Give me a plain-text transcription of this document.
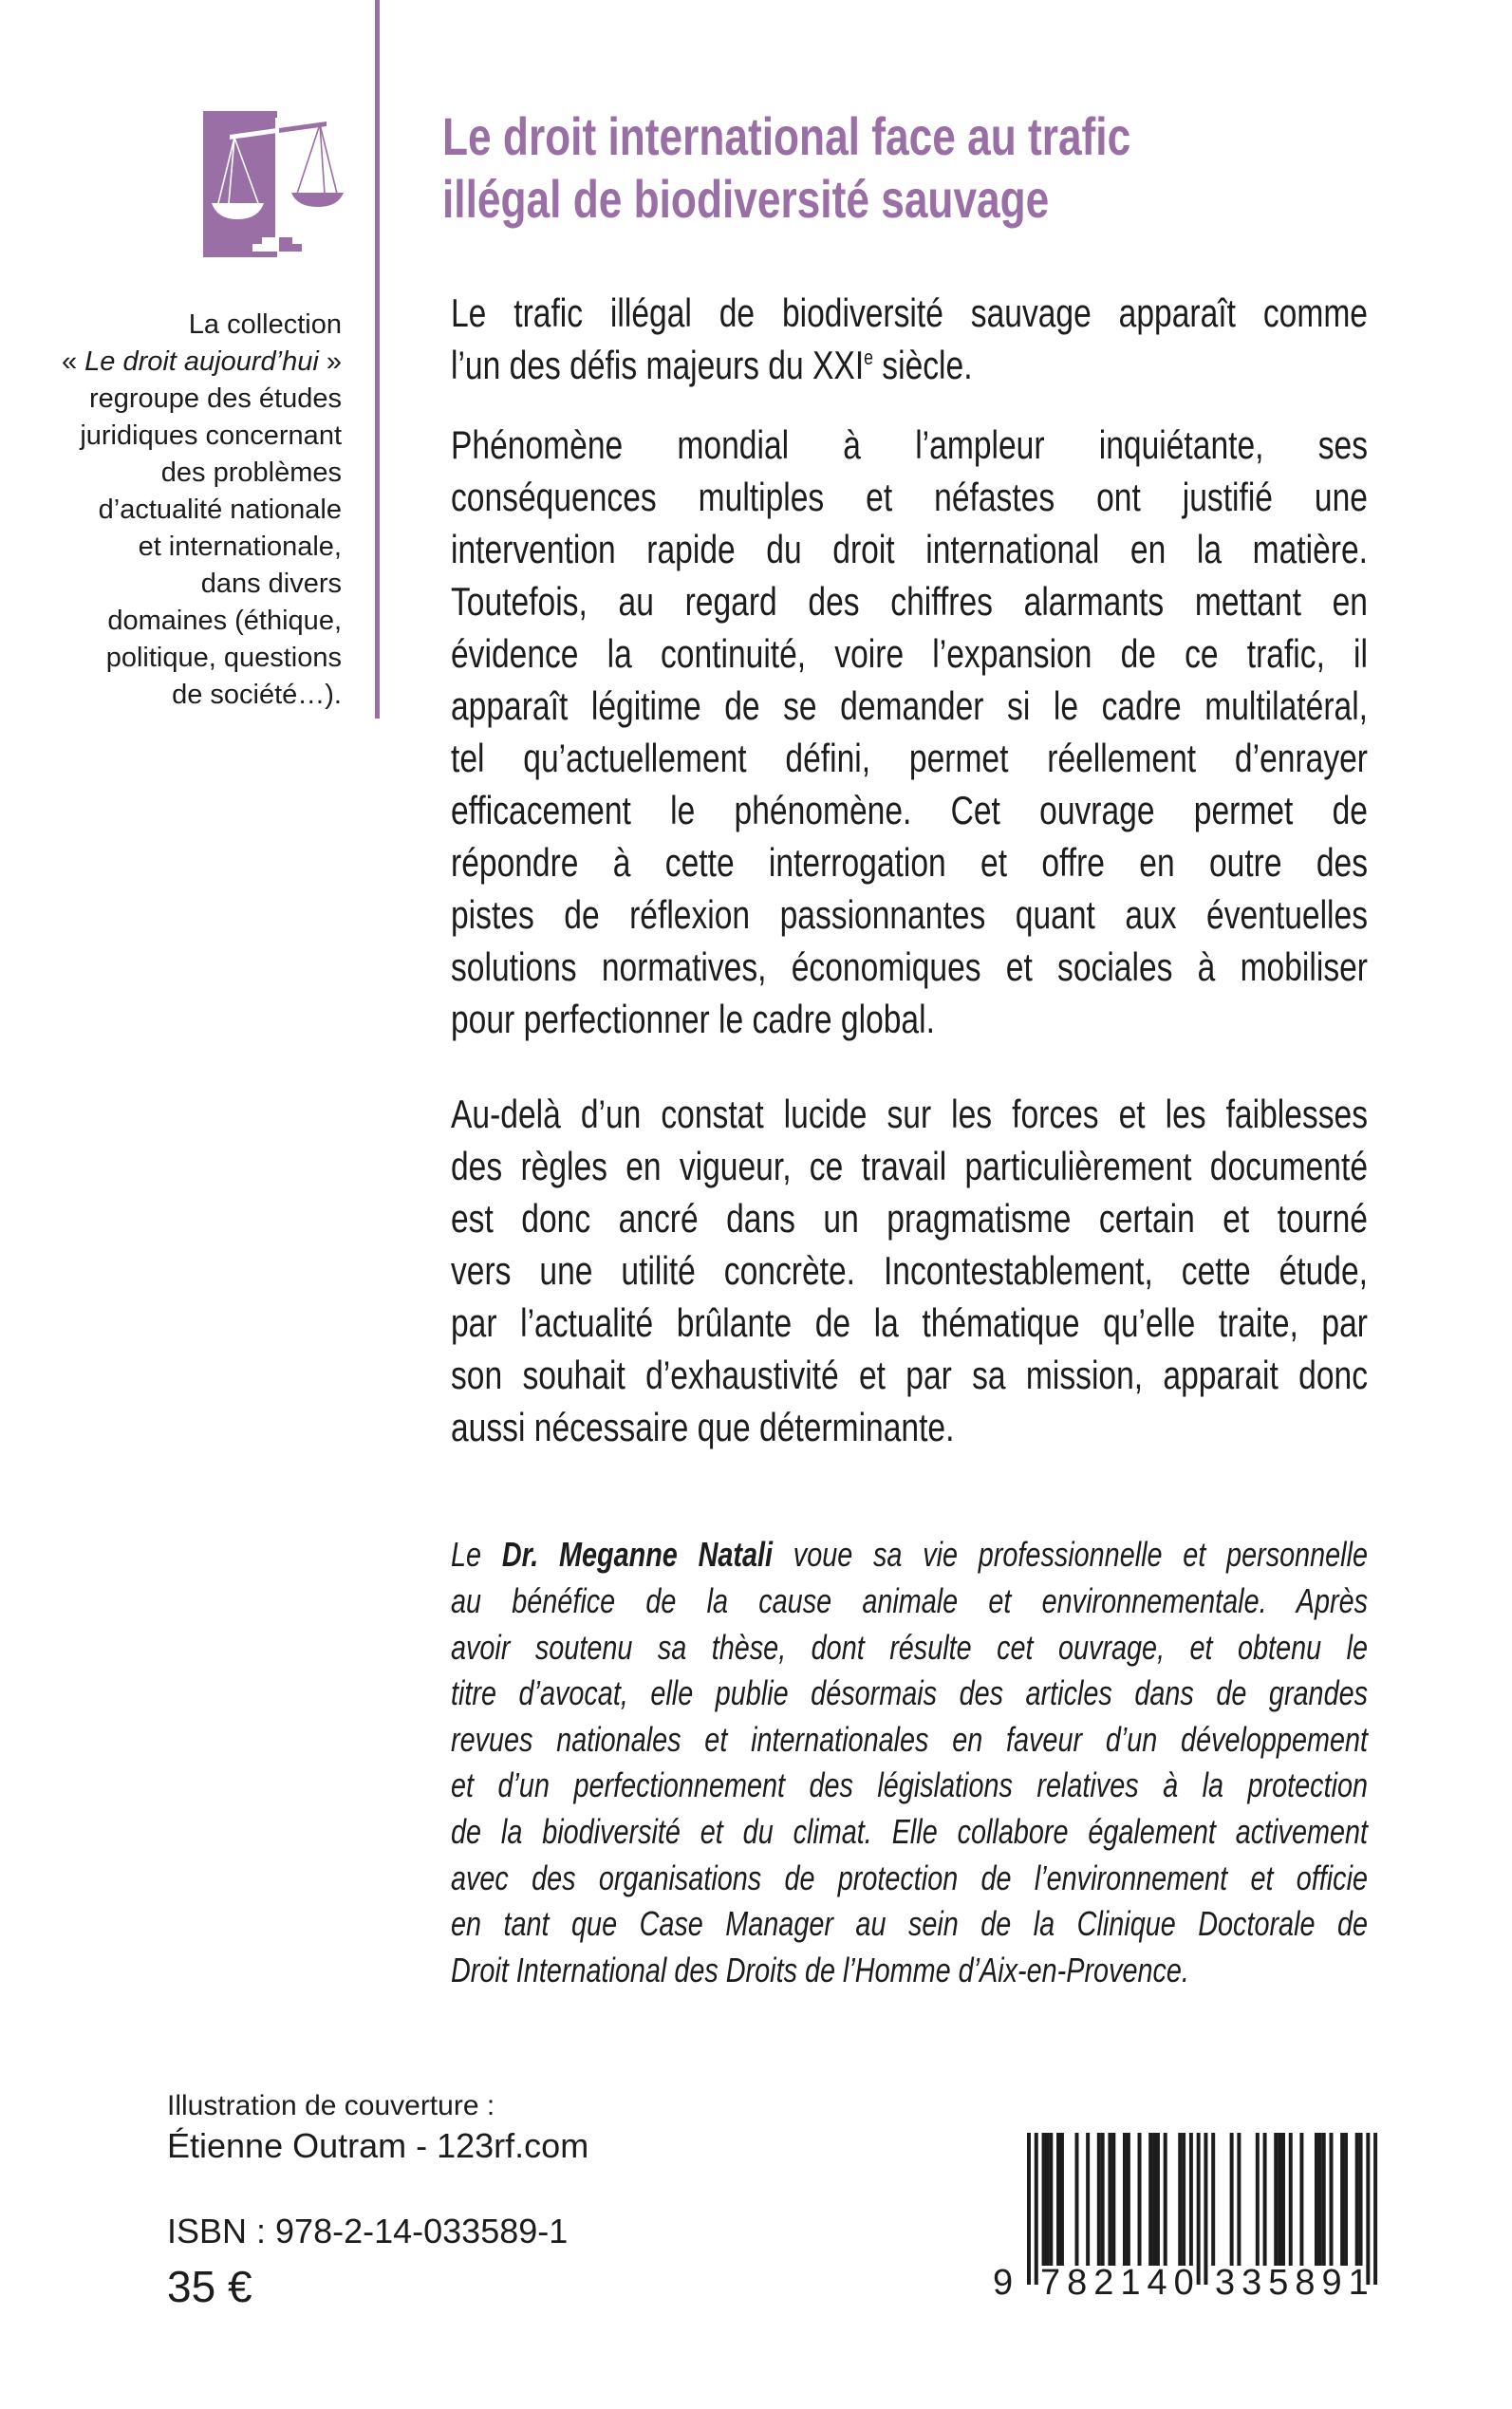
La collection
« Le droit aujourd’hui »
regroupe des études
juridiques concernant
des problèmes
d’actualité nationale
et internationale,
dans divers
domaines (éthique,
politique, questions
de société…).
Le droit international face au trafic
illégal de biodiversité sauvage
Le trafic illégal de biodiversité sauvage apparaît comme
l’un des défis majeurs du XXIe siècle.
Phénomène mondial à l’ampleur inquiétante, ses
conséquences multiples et néfastes ont justifié une
intervention rapide du droit international en la matière.
Toutefois, au regard des chiffres alarmants mettant en
évidence la continuité, voire l’expansion de ce trafic, il
apparaît légitime de se demander si le cadre multilatéral,
tel qu’actuellement défini, permet réellement d’enrayer
efficacement le phénomène. Cet ouvrage permet de
répondre à cette interrogation et offre en outre des
pistes de réflexion passionnantes quant aux éventuelles
solutions normatives, économiques et sociales à mobiliser
pour perfectionner le cadre global.
Au-delà d’un constat lucide sur les forces et les faiblesses
des règles en vigueur, ce travail particulièrement documenté
est donc ancré dans un pragmatisme certain et tourné
vers une utilité concrète. Incontestablement, cette étude,
par l’actualité brûlante de la thématique qu’elle traite, par
son souhait d’exhaustivité et par sa mission, apparait donc
aussi nécessaire que déterminante.
Le Dr. Meganne Natali voue sa vie professionnelle et personnelle
au bénéfice de la cause animale et environnementale. Après
avoir soutenu sa thèse, dont résulte cet ouvrage, et obtenu le
titre d’avocat, elle publie désormais des articles dans de grandes
revues nationales et internationales en faveur d’un développement
et d’un perfectionnement des législations relatives à la protection
de la biodiversité et du climat. Elle collabore également activement
avec des organisations de protection de l’environnement et officie
en tant que Case Manager au sein de la Clinique Doctorale de
Droit International des Droits de l’Homme d’Aix-en-Provence.
Illustration de couverture :
Étienne Outram - 123rf.com
ISBN : 978-2-14-033589-1
35 €	9 782140 335891
